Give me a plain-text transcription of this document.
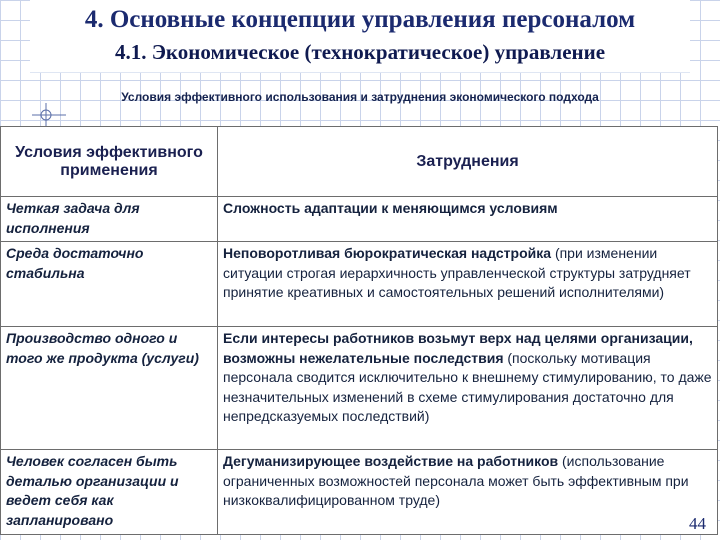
4. Основные концепции управления персоналом
4.1. Экономическое (технократическое) управление
Условия эффективного использования и затруднения экономического подхода
Условия эффективного применения	Затруднения
Четкая задача для исполнения	Сложность адаптации к меняющимся условиям
Среда достаточно стабильна	Неповоротливая бюрократическая надстройка (при изменении ситуации строгая иерархичность управленческой структуры затрудняет принятие креативных и самостоятельных решений исполнителями)
Производство одного и того же продукта (услуги)	Если интересы работников возьмут верх над целями организации, возможны нежелательные последствия (поскольку мотивация персонала сводится исключительно к внешнему стимулированию, то даже незначительных изменений в схеме стимулирования достаточно для непредсказуемых последствий)
Человек согласен быть деталью организации и ведет себя как запланировано	Дегуманизирующее воздействие на работников (использование ограниченных возможностей персонала может быть эффективным при низкоквалифицированном труде)
44
